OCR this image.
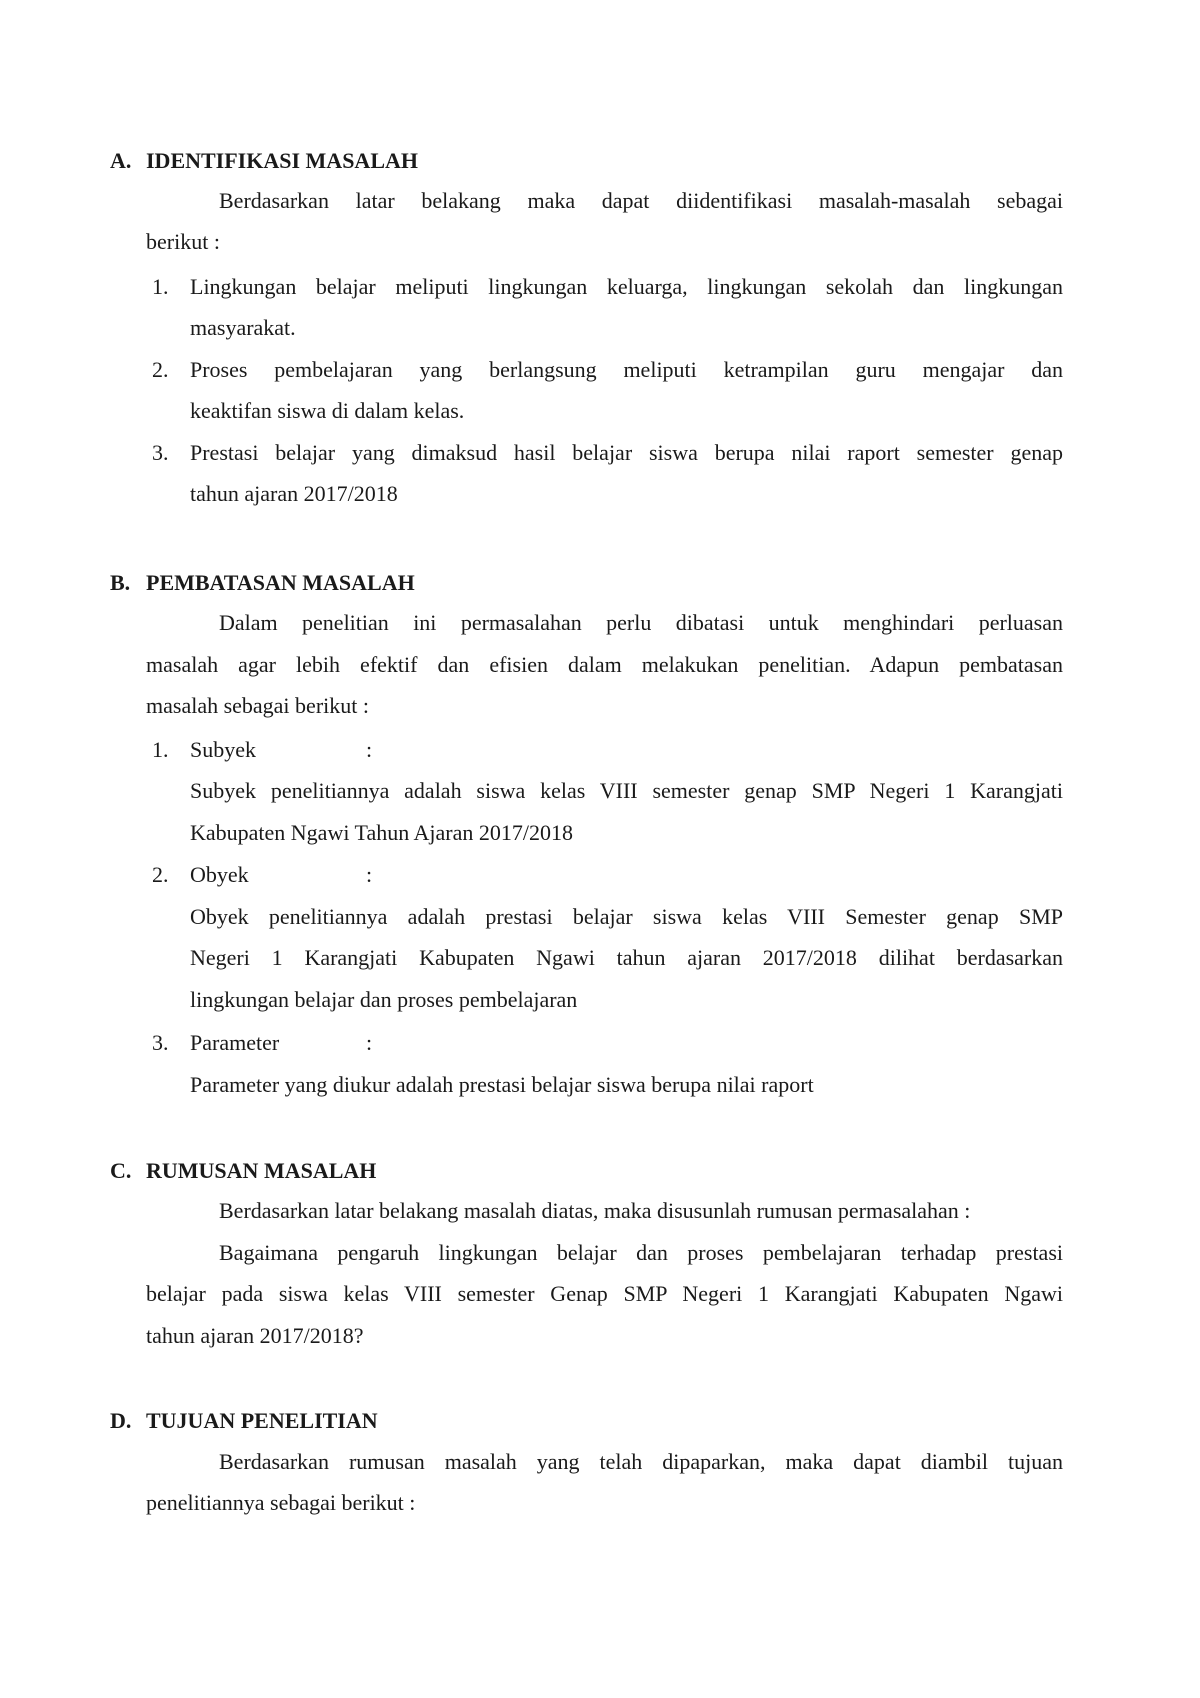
A. IDENTIFIKASI MASALAH
Berdasarkan latar belakang maka dapat diidentifikasi masalah-masalah sebagai
berikut :
1. Lingkungan belajar meliputi lingkungan keluarga, lingkungan sekolah dan lingkungan
masyarakat.
2. Proses pembelajaran yang berlangsung meliputi ketrampilan guru mengajar dan
keaktifan siswa di dalam kelas.
3. Prestasi belajar yang dimaksud hasil belajar siswa berupa nilai raport semester genap
tahun ajaran 2017/2018
B. PEMBATASAN MASALAH
Dalam penelitian ini permasalahan perlu dibatasi untuk menghindari perluasan
masalah agar lebih efektif dan efisien dalam melakukan penelitian. Adapun pembatasan
masalah sebagai berikut :
1. Subyek	:
Subyek penelitiannya adalah siswa kelas VIII semester genap SMP Negeri 1 Karangjati
Kabupaten Ngawi Tahun Ajaran 2017/2018
2. Obyek	:
Obyek penelitiannya adalah prestasi belajar siswa kelas VIII Semester genap SMP
Negeri 1 Karangjati Kabupaten Ngawi tahun ajaran 2017/2018 dilihat berdasarkan
lingkungan belajar dan proses pembelajaran
3. Parameter	:
Parameter yang diukur adalah prestasi belajar siswa berupa nilai raport
C. RUMUSAN MASALAH
Berdasarkan latar belakang masalah diatas, maka disusunlah rumusan permasalahan :
Bagaimana pengaruh lingkungan belajar dan proses pembelajaran terhadap prestasi
belajar pada siswa kelas VIII semester Genap SMP Negeri 1 Karangjati Kabupaten Ngawi
tahun ajaran 2017/2018?
D. TUJUAN PENELITIAN
Berdasarkan rumusan masalah yang telah dipaparkan, maka dapat diambil tujuan
penelitiannya sebagai berikut :
